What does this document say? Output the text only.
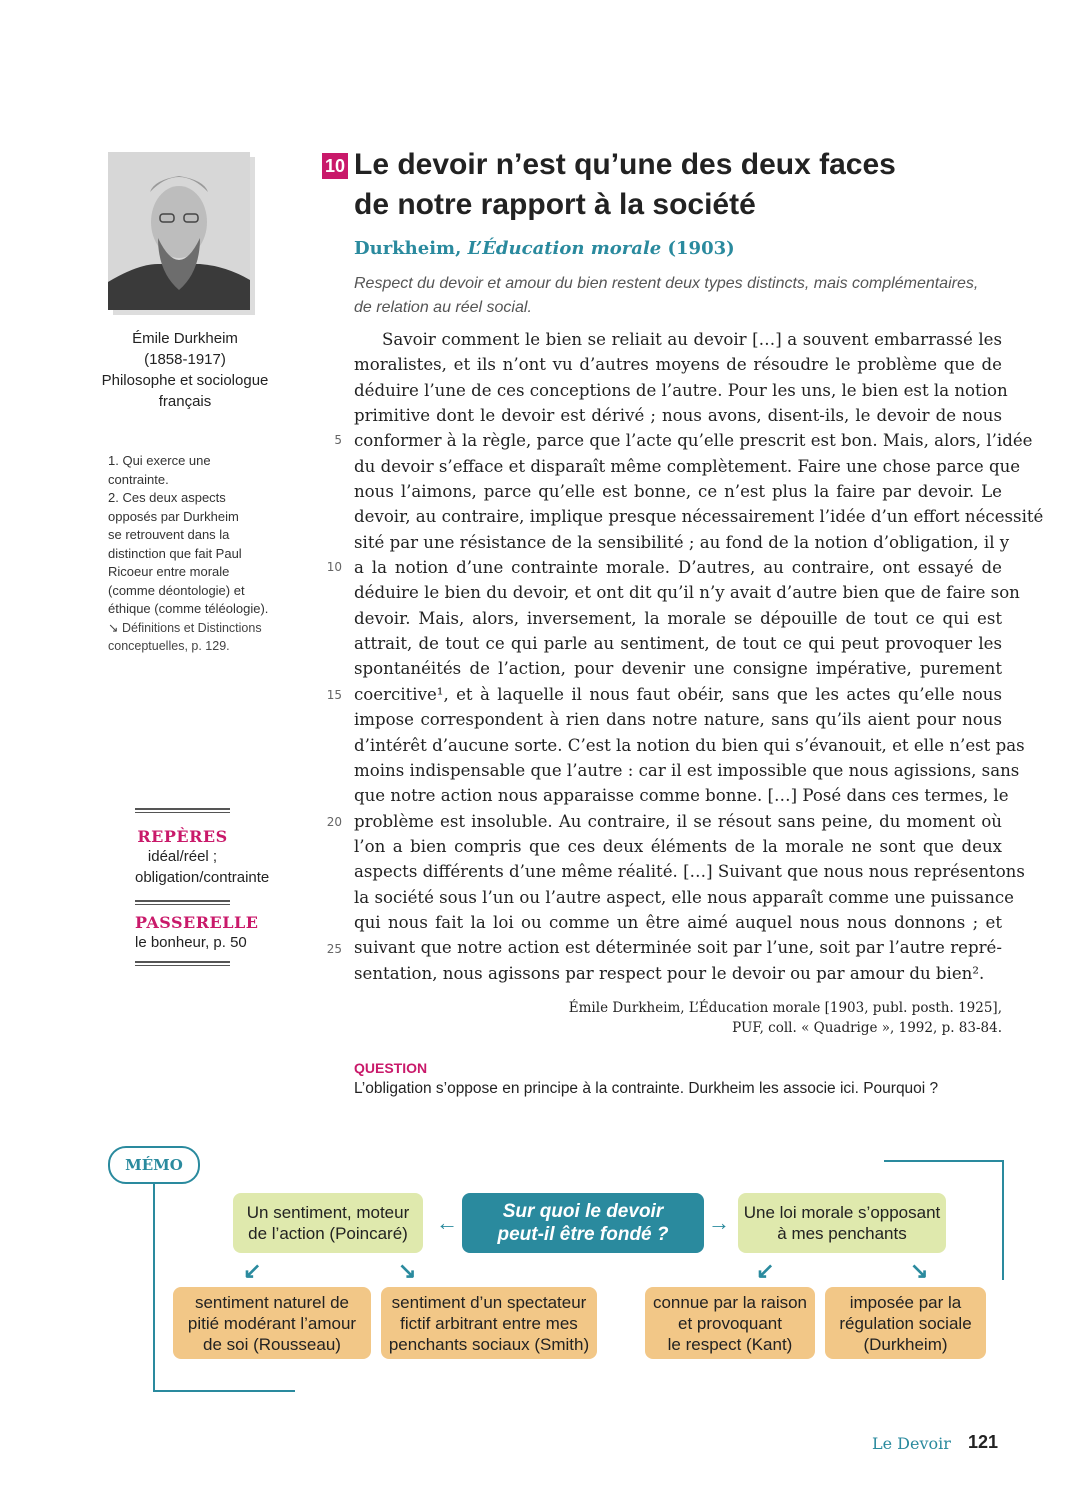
Émile Durkheim
(1858-1917)
Philosophe et sociologue
français
1. Qui exerce une
contrainte.
2. Ces deux aspects
opposés par Durkheim
se retrouvent dans la
distinction que fait Paul
Ricoeur entre morale
(comme déontologie) et
éthique (comme téléologie).
↘ Définitions et Distinctions
conceptuelles, p. 129.
REPÈRES
idéal/réel ;
obligation/contrainte
PASSERELLE
le bonheur, p. 50
10 Le devoir n’est qu’une des deux faces
de notre rapport à la société
Durkheim, L’Éducation morale (1903)
Respect du devoir et amour du bien restent deux types distincts, mais complémentaires,
de relation au réel social.
Savoir comment le bien se reliait au devoir […] a souvent embarrassé les
moralistes, et ils n’ont vu d’autres moyens de résoudre le problème que de
déduire l’une de ces conceptions de l’autre. Pour les uns, le bien est la notion
primitive dont le devoir est dérivé ; nous avons, disent-ils, le devoir de nous
conformer à la règle, parce que l’acte qu’elle prescrit est bon. Mais, alors, l’idée
du devoir s’efface et disparaît même complètement. Faire une chose parce que
nous l’aimons, parce qu’elle est bonne, ce n’est plus la faire par devoir. Le
devoir, au contraire, implique presque nécessairement l’idée d’un effort nécessité
sité par une résistance de la sensibilité ; au fond de la notion d’obligation, il y
a la notion d’une contrainte morale. D’autres, au contraire, ont essayé de
déduire le bien du devoir, et ont dit qu’il n’y avait d’autre bien que de faire son
devoir. Mais, alors, inversement, la morale se dépouille de tout ce qui est
attrait, de tout ce qui parle au sentiment, de tout ce qui peut provoquer les
spontanéités de l’action, pour devenir une consigne impérative, purement
coercitive¹, et à laquelle il nous faut obéir, sans que les actes qu’elle nous
impose correspondent à rien dans notre nature, sans qu’ils aient pour nous
d’intérêt d’aucune sorte. C’est la notion du bien qui s’évanouit, et elle n’est pas
moins indispensable que l’autre : car il est impossible que nous agissions, sans
que notre action nous apparaisse comme bonne. […] Posé dans ces termes, le
problème est insoluble. Au contraire, il se résout sans peine, du moment où
l’on a bien compris que ces deux éléments de la morale ne sont que deux
aspects différents d’une même réalité. […] Suivant que nous nous représentons
la société sous l’un ou l’autre aspect, elle nous apparaît comme une puissance
qui nous fait la loi ou comme un être aimé auquel nous nous donnons ; et
suivant que notre action est déterminée soit par l’une, soit par l’autre repré-
sentation, nous agissons par respect pour le devoir ou par amour du bien².
5
10
15
20
25
Émile Durkheim, L’Éducation morale [1903, publ. posth. 1925],
PUF, coll. « Quadrige », 1992, p. 83-84.
QUESTION
L’obligation s’oppose en principe à la contrainte. Durkheim les associe ici. Pourquoi ?
MÉMO
Un sentiment, moteur
de l’action (Poincaré) ← Sur quoi le devoir
peut-il être fondé ? → Une loi morale s’opposant
à mes penchants
↙	↘	↙	↘
sentiment naturel de
pitié modérant l’amour
de soi (Rousseau)
sentiment d’un spectateur
fictif arbitrant entre mes
penchants sociaux (Smith)
connue par la raison
et provoquant
le respect (Kant)
imposée par la
régulation sociale
(Durkheim)
Le Devoir 121
